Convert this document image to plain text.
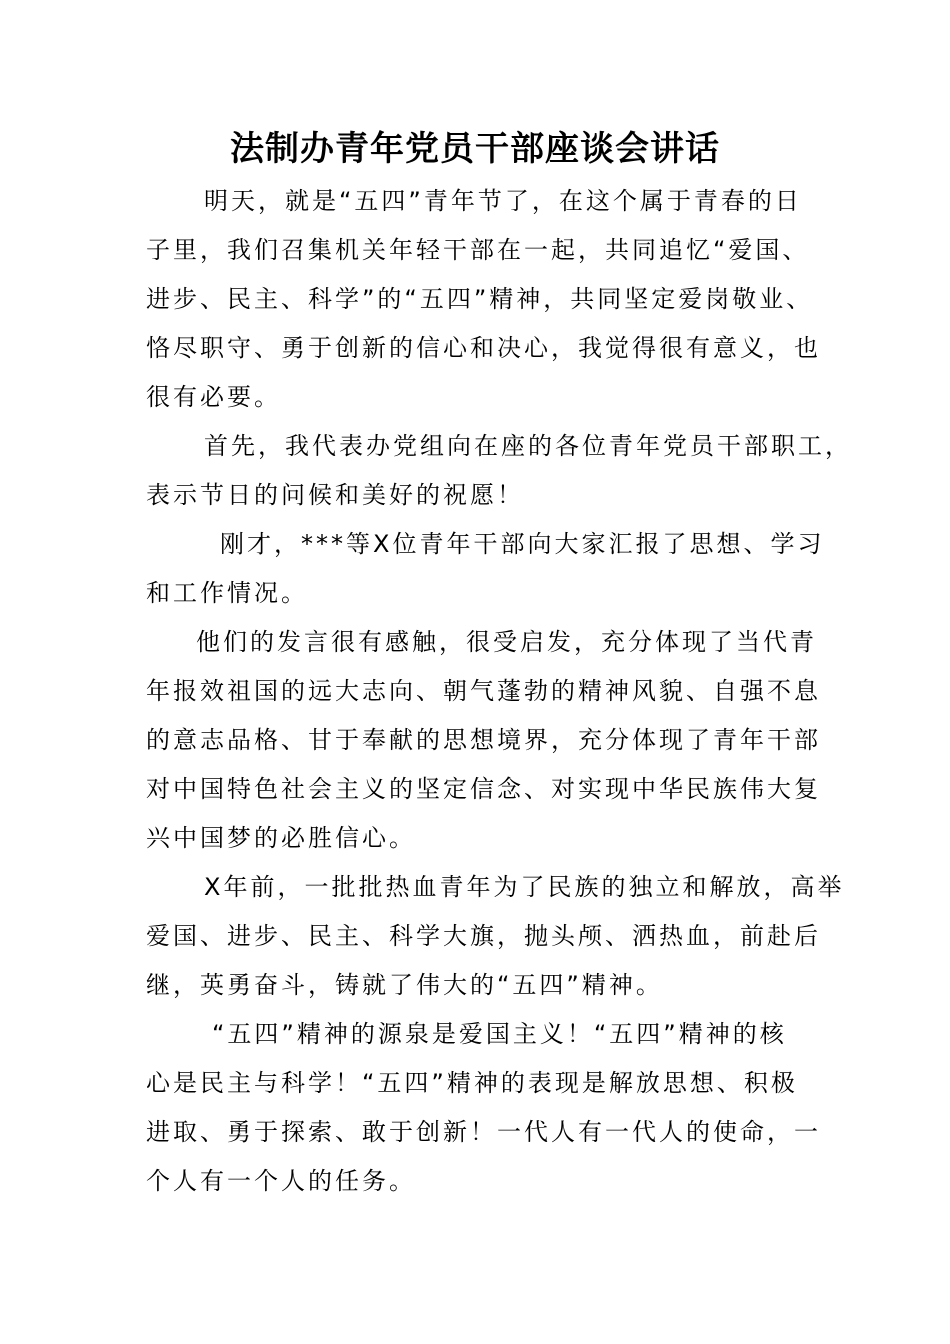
法制办青年党员干部座谈会讲话
明天，就是“五四”青年节了，在这个属于青春的日
子里，我们召集机关年轻干部在一起，共同追忆“爱国、
进步、民主、科学”的“五四”精神，共同坚定爱岗敬业、
恪尽职守、勇于创新的信心和决心，我觉得很有意义，也
很有必要。
首先，我代表办党组向在座的各位青年党员干部职工，
表示节日的问候和美好的祝愿！
刚才，***等X位青年干部向大家汇报了思想、学习
和工作情况。
他们的发言很有感触，很受启发，充分体现了当代青
年报效祖国的远大志向、朝气蓬勃的精神风貌、自强不息
的意志品格、甘于奉献的思想境界，充分体现了青年干部
对中国特色社会主义的坚定信念、对实现中华民族伟大复
兴中国梦的必胜信心。
X年前，一批批热血青年为了民族的独立和解放，高举
爱国、进步、民主、科学大旗，抛头颅、洒热血，前赴后
继，英勇奋斗，铸就了伟大的“五四”精神。
“五四”精神的源泉是爱国主义！“五四”精神的核
心是民主与科学！“五四”精神的表现是解放思想、积极
进取、勇于探索、敢于创新！一代人有一代人的使命，一
个人有一个人的任务。
